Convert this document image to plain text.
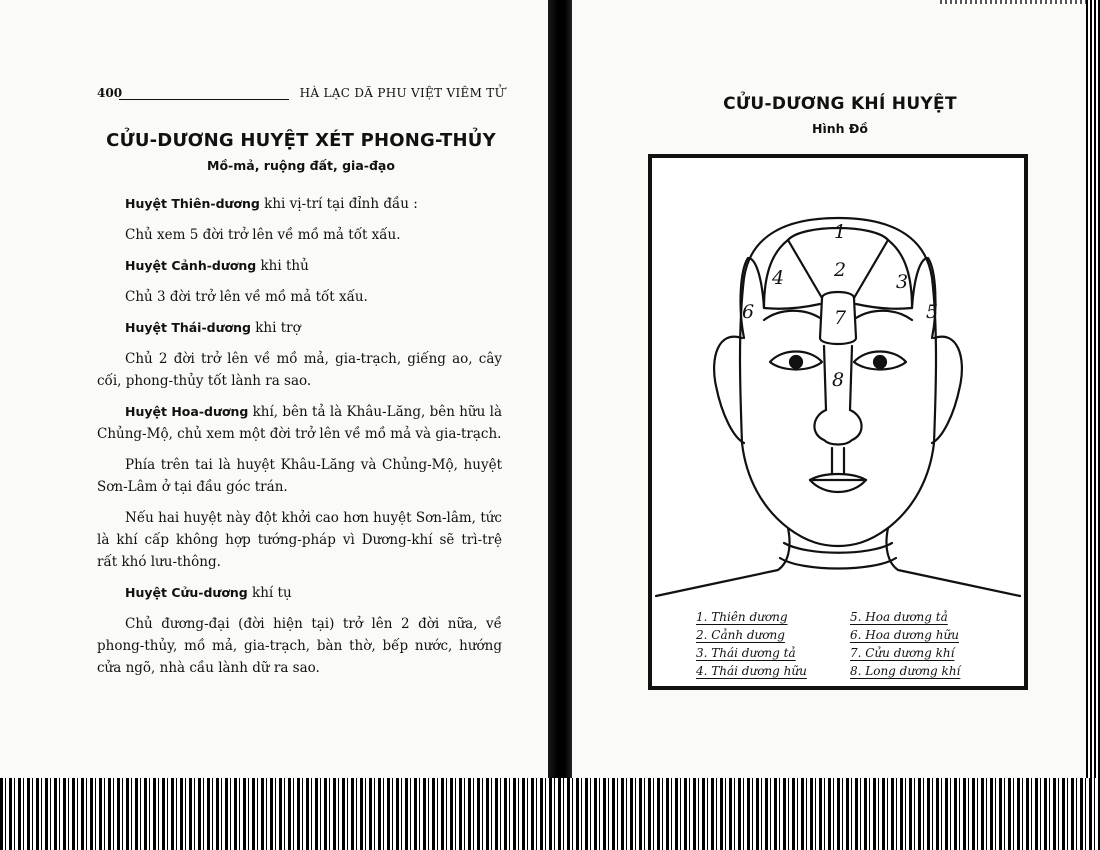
400	HÀ LẠC DÃ PHU VIỆT VIÊM TỬ
CỬU-DƯƠNG HUYỆT XÉT PHONG-THỦY
Mồ-mả, ruộng đất, gia-đạo

Huyệt Thiên-dương khi vị-trí tại đỉnh đầu :

Chủ xem 5 đời trở lên về mồ mả tốt xấu.

Huyệt Cảnh-dương khi thủ

Chủ 3 đời trở lên về mồ mả tốt xấu.

Huyệt Thái-dương khi trợ

Chủ 2 đời trở lên về mồ mả, gia-trạch, giếng ao, cây cối, phong-thủy tốt lành ra sao.

Huyệt Hoa-dương khí, bên tả là Khâu-Lăng, bên hữu là Chủng-Mộ, chủ xem một đời trở lên về mồ mả và gia-trạch.

Phía trên tai là huyệt Khâu-Lăng và Chủng-Mộ, huyệt Sơn-Lâm ở tại đầu góc trán.

Nếu hai huyệt này đột khởi cao hơn huyệt Sơn-lâm, tức là khí cấp không hợp tướng-pháp vì Dương-khí sẽ trì-trệ rất khó lưu-thông.

Huyệt Cửu-dương khí tụ

Chủ đương-đại (đời hiện tại) trở lên 2 đời nữa, về phong-thủy, mồ mả, gia-trạch, bàn thờ, bếp nước, hướng cửa ngõ, nhà cầu lành dữ ra sao.

CỬU-DƯƠNG KHÍ HUYỆT
Hình Đồ
1
2
3
4
5
6	7
8
1. Thiên dương
2. Cảnh dương
3. Thái dương tả
4. Thái dương hữu
5. Hoa dương tả
6. Hoa dương hữu
7. Cửu dương khí
8. Long dương khí
